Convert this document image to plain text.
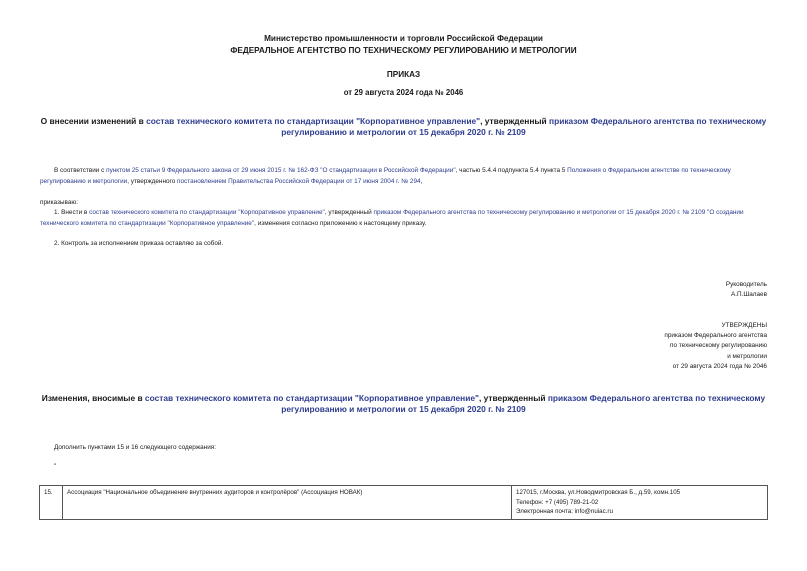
Министерство промышленности и торговли Российской Федерации
ФЕДЕРАЛЬНОЕ АГЕНТСТВО ПО ТЕХНИЧЕСКОМУ РЕГУЛИРОВАНИЮ И МЕТРОЛОГИИ
ПРИКАЗ
от 29 августа 2024 года № 2046
О внесении изменений в состав технического комитета по стандартизации "Корпоративное управление", утвержденный приказом Федерального агентства по техническому регулированию и метрологии от 15 декабря 2020 г. № 2109
В соответствии с пунктом 25 статьи 9 Федерального закона от 29 июня 2015 г. № 162-ФЗ "О стандартизации в Российской Федерации", частью 5.4.4 подпункта 5.4 пункта 5 Положения о Федеральном агентстве по техническому регулированию и метрологии, утвержденного постановлением Правительства Российской Федерации от 17 июня 2004 г. № 294,
приказываю:
1. Внести в состав технического комитета по стандартизации "Корпоративное управление", утвержденный приказом Федерального агентства по техническому регулированию и метрологии от 15 декабря 2020 г. № 2109 "О создании технического комитета по стандартизации "Корпоративное управление", изменения согласно приложению к настоящему приказу.
2. Контроль за исполнением приказа оставляю за собой.
Руководитель
А.П.Шалаев
УТВЕРЖДЕНЫ
приказом Федерального агентства
по техническому регулированию
и метрологии
от 29 августа 2024 года № 2046
Изменения, вносимые в состав технического комитета по стандартизации "Корпоративное управление", утвержденный приказом Федерального агентства по техническому регулированию и метрологии от 15 декабря 2020 г. № 2109
Дополнить пунктами 15 и 16 следующего содержания:
"
15.	Ассоциация "Национальное объединение внутренних аудиторов и контролёров" (Ассоциация НОВАК)	127015, г.Москва, ул.Новодмитровская Б., д.59, комн.105
Телефон: +7 (495) 789-21-02
Электронная почта: info@nuiac.ru
